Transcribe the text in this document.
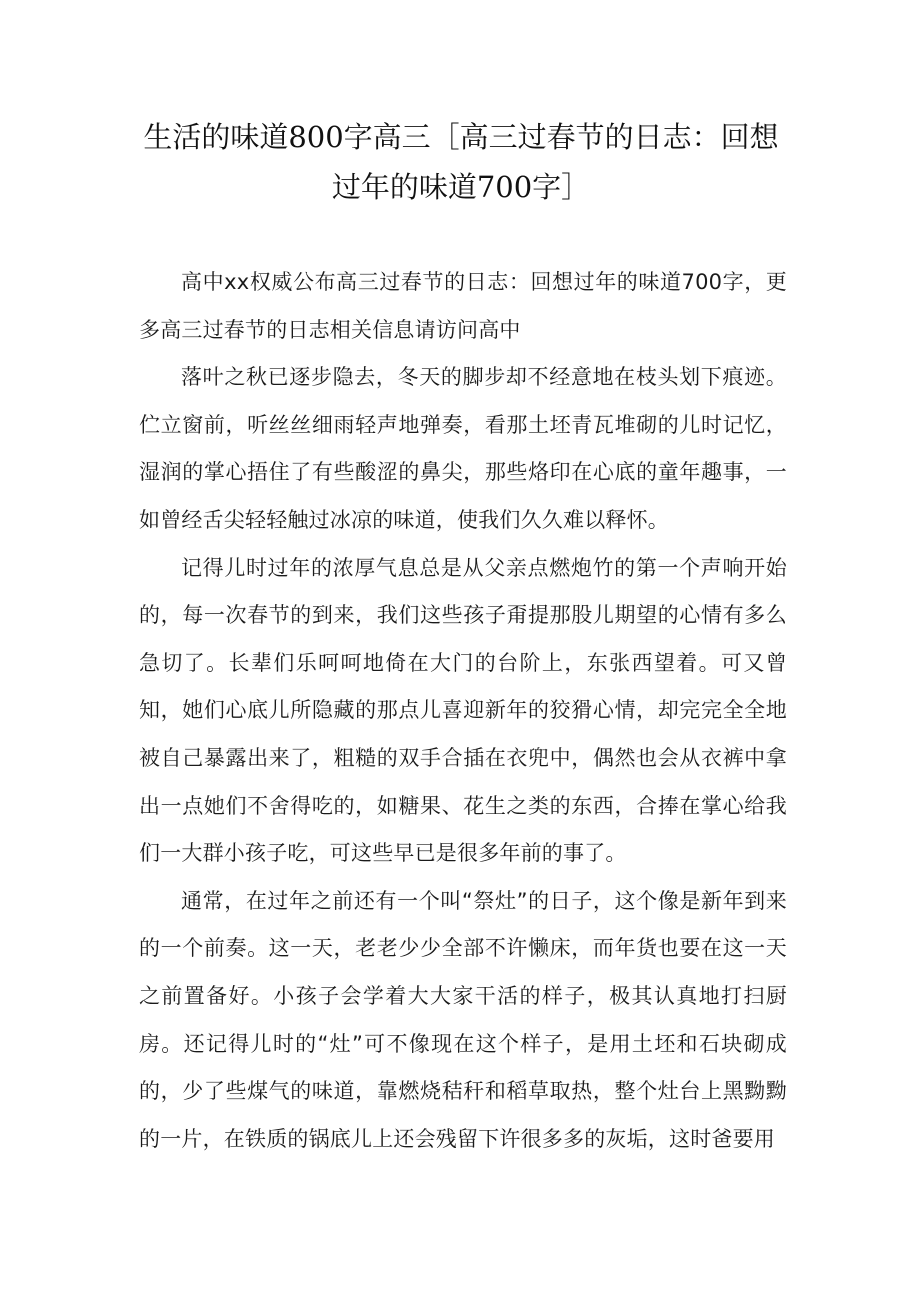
生活的味道800字高三［高三过春节的日志：回想过年的味道700字］

高中xx权威公布高三过春节的日志：回想过年的味道700字，更多高三过春节的日志相关信息请访问高中

落叶之秋已逐步隐去，冬天的脚步却不经意地在枝头划下痕迹。伫立窗前，听丝丝细雨轻声地弹奏，看那土坯青瓦堆砌的儿时记忆，湿润的掌心捂住了有些酸涩的鼻尖，那些烙印在心底的童年趣事，一如曾经舌尖轻轻触过冰凉的味道，使我们久久难以释怀。

记得儿时过年的浓厚气息总是从父亲点燃炮竹的第一个声响开始的，每一次春节的到来，我们这些孩子甭提那股儿期望的心情有多么急切了。长辈们乐呵呵地倚在大门的台阶上，东张西望着。可又曾知，她们心底儿所隐藏的那点儿喜迎新年的狡猾心情，却完完全全地被自己暴露出来了，粗糙的双手合插在衣兜中，偶然也会从衣裤中拿出一点她们不舍得吃的，如糖果、花生之类的东西，合捧在掌心给我们一大群小孩子吃，可这些早已是很多年前的事了。

通常，在过年之前还有一个叫“祭灶”的日子，这个像是新年到来的一个前奏。这一天，老老少少全部不许懒床，而年货也要在这一天之前置备好。小孩子会学着大大家干活的样子，极其认真地打扫厨房。还记得儿时的“灶”可不像现在这个样子，是用土坯和石块砌成的，少了些煤气的味道，靠燃烧秸秆和稻草取热，整个灶台上黑黝黝的一片，在铁质的锅底儿上还会残留下许很多多的灰垢，这时爸要用
